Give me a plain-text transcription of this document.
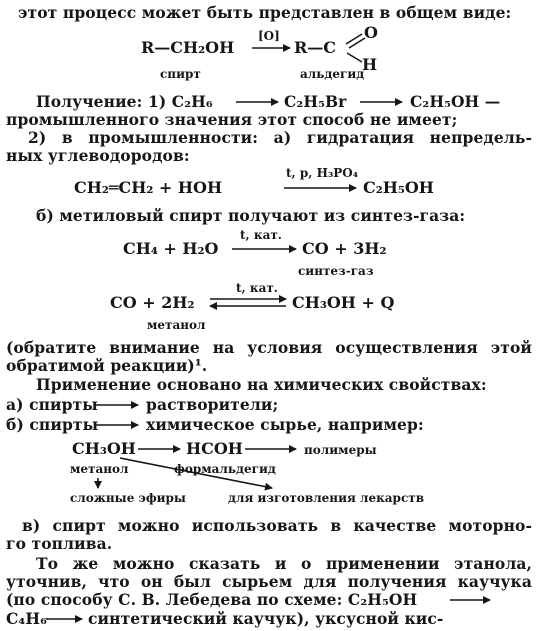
этот процесс может быть представлен в общем виде:
R—CH₂OH
[O]
R—C
O
H
спирт	альдегид
Получение: 1) C₂H₆	C₂H₅Br	C₂H₅OH —
промышленного значения этот способ не имеет;
2) в промышленности: а) гидратация непредель-
ных углеводородов:
CH₂═CH₂ + HOH
t, p, H₃PO₄
C₂H₅OH
б) метиловый спирт получают из синтез-газа:
CH₄ + H₂O
t, кат.
CO + 3H₂
синтез-газ
CO + 2H₂
t, кат.
CH₃OH + Q
метанол
(обратите внимание на условия осуществления этой
обратимой реакции)¹.
Применение основано на химических свойствах:
а) спирты	растворители;
б) спирты	химическое сырье, например:
CH₃OH
метанол
HCOH
формальдегид
полимеры
сложные эфиры	для изготовления лекарств
в) спирт можно использовать в качестве моторно-
го топлива.
То же можно сказать и о применении этанола,
уточнив, что он был сырьем для получения каучука
(по способу С. В. Лебедева по схеме: C₂H₅OH
C₄H₆	синтетический каучук), уксусной кис-
